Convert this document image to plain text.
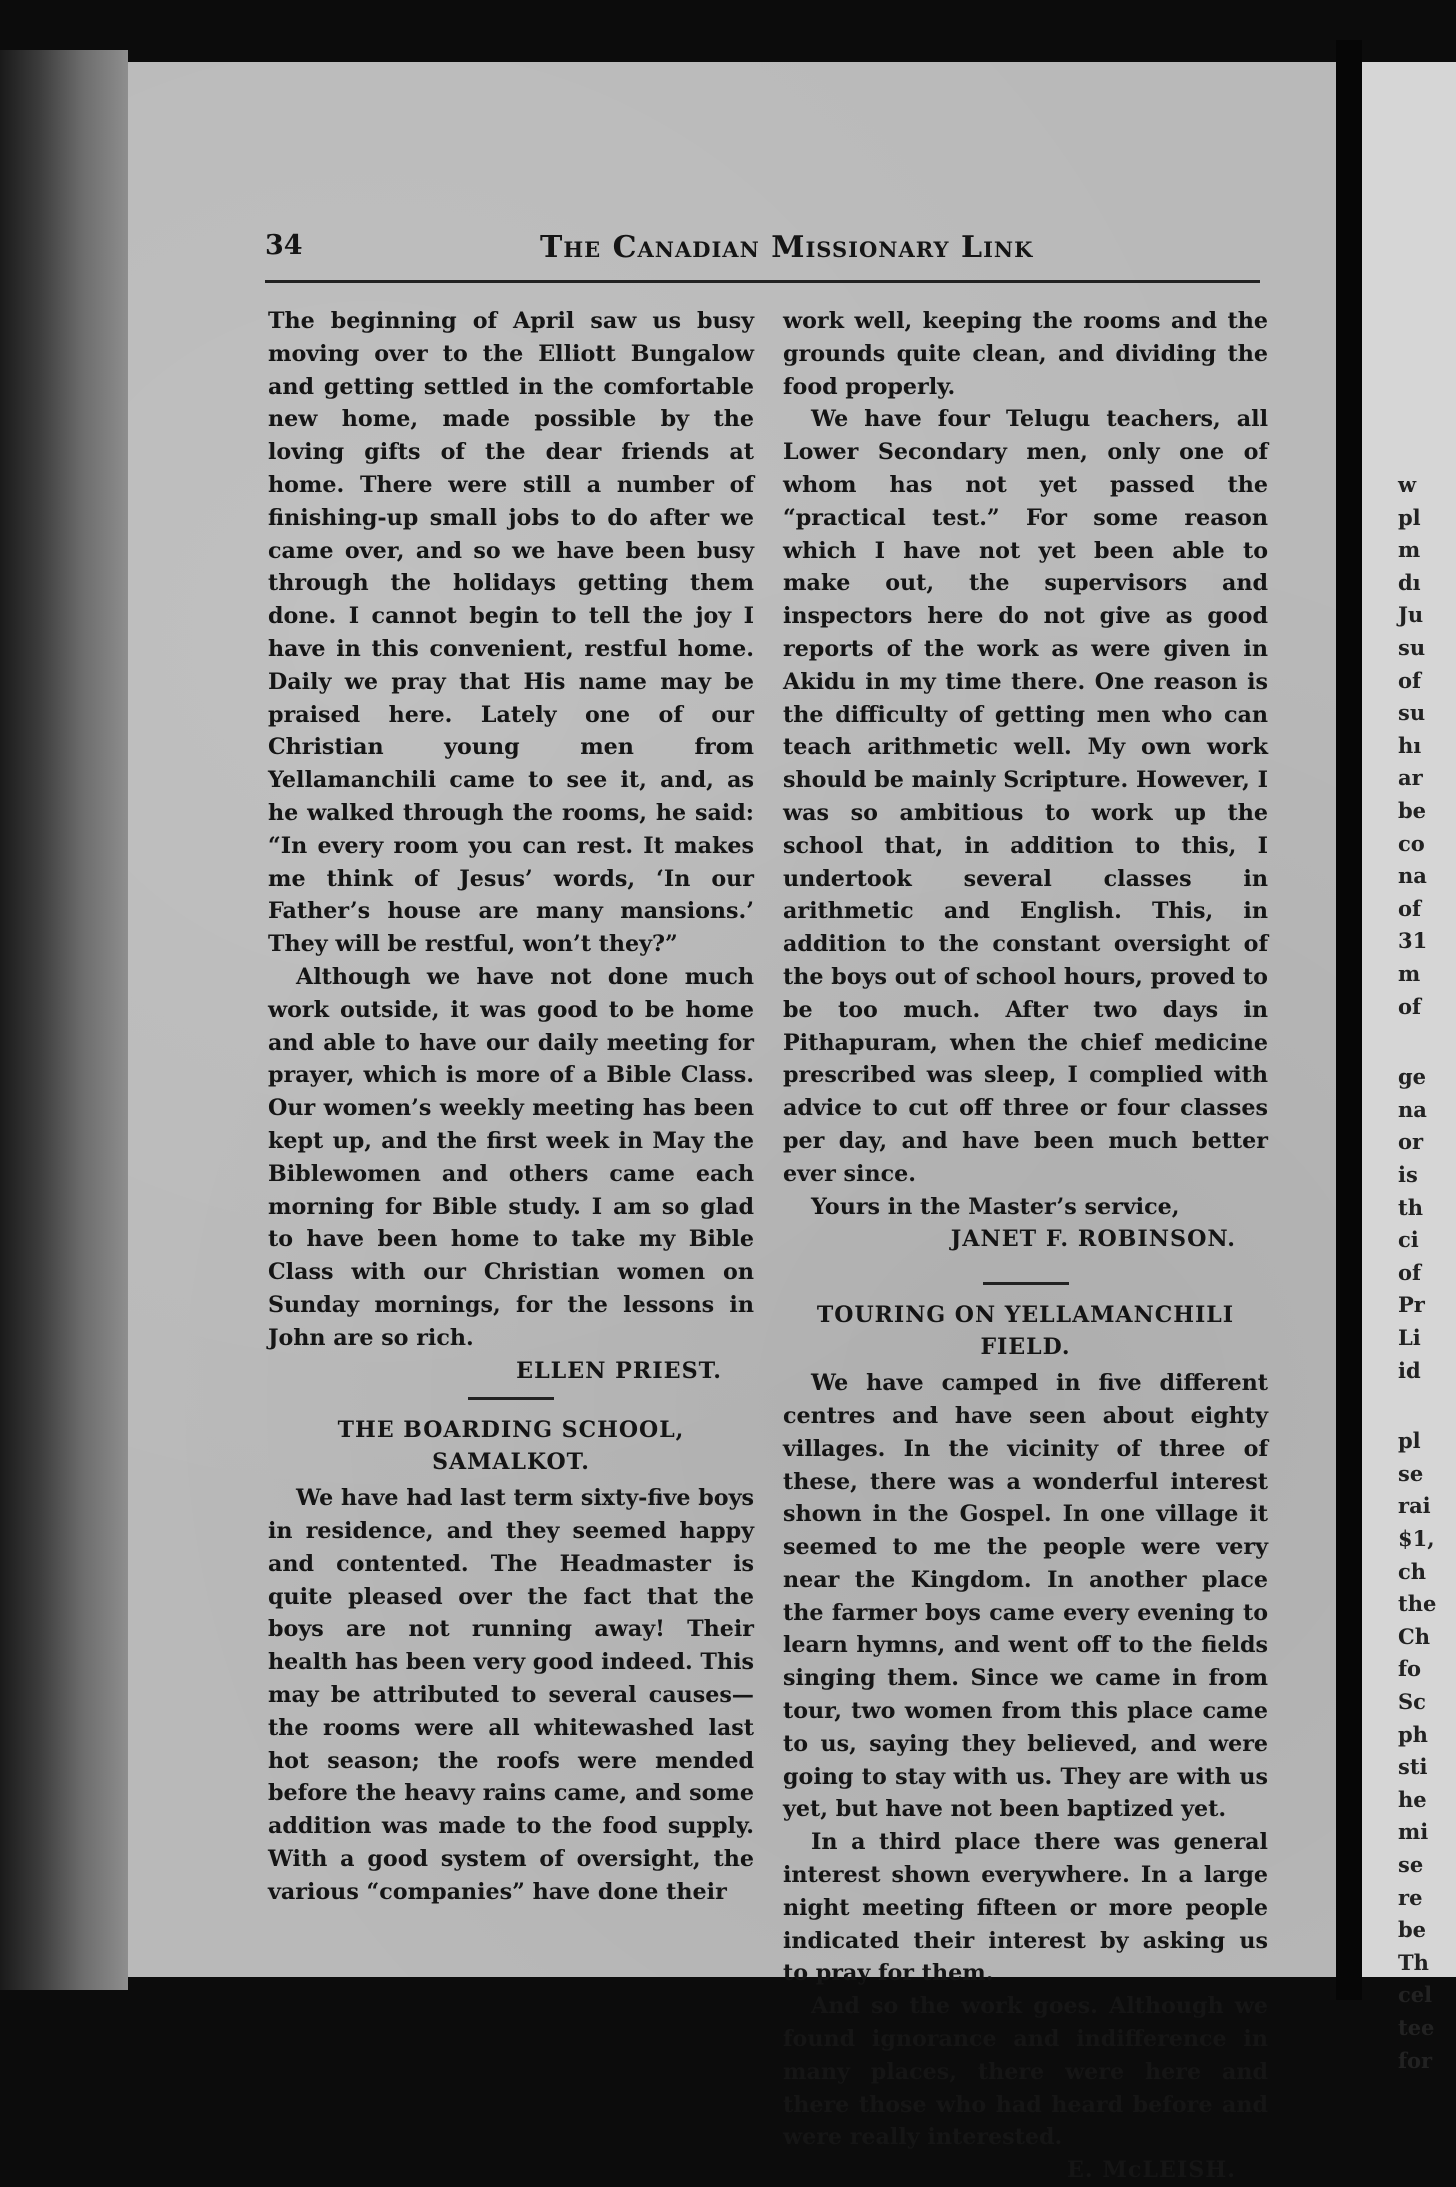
w
pl
m
dı
Ju
su
of
su
hı
ar
be
co
na
of
31
m
of
ge
na
or
is
th
ci
of
Pr
Li
id
pl
se
rai
$1,
ch
the
Ch
fo
Sc
ph
sti
he
mi
se
re
be
Th
cel
tee
for
34	The Canadian Missionary Link

The beginning of April saw us busy moving over to the Elliott Bungalow and getting settled in the comfortable new home, made possible by the loving gifts of the dear friends at home. There were still a number of finishing-up small jobs to do after we came over, and so we have been busy through the holidays getting them done. I cannot begin to tell the joy I have in this convenient, restful home. Daily we pray that His name may be praised here. Lately one of our Christian young men from Yellamanchili came to see it, and, as he walked through the rooms, he said: “In every room you can rest. It makes me think of Jesus’ words, ‘In our Father’s house are many mansions.’ They will be restful, won’t they?”

Although we have not done much work outside, it was good to be home and able to have our daily meeting for prayer, which is more of a Bible Class. Our women’s weekly meeting has been kept up, and the first week in May the Biblewomen and others came each morning for Bible study. I am so glad to have been home to take my Bible Class with our Christian women on Sunday mornings, for the lessons in John are so rich.

ELLEN PRIEST.
THE BOARDING SCHOOL, SAMALKOT.

We have had last term sixty-five boys in residence, and they seemed happy and contented. The Headmaster is quite pleased over the fact that the boys are not running away! Their health has been very good indeed. This may be attributed to several causes—the rooms were all whitewashed last hot season; the roofs were mended before the heavy rains came, and some addition was made to the food supply. With a good system of oversight, the various “companies” have done their

work well, keeping the rooms and the grounds quite clean, and dividing the food properly.

We have four Telugu teachers, all Lower Secondary men, only one of whom has not yet passed the “practical test.” For some reason which I have not yet been able to make out, the supervisors and inspectors here do not give as good reports of the work as were given in Akidu in my time there. One reason is the difficulty of getting men who can teach arithmetic well. My own work should be mainly Scripture. However, I was so ambitious to work up the school that, in addition to this, I undertook several classes in arithmetic and English. This, in addition to the constant oversight of the boys out of school hours, proved to be too much. After two days in Pithapuram, when the chief medicine prescribed was sleep, I complied with advice to cut off three or four classes per day, and have been much better ever since.

Yours in the Master’s service,
JANET F. ROBINSON.
TOURING ON YELLAMANCHILI FIELD.

We have camped in five different centres and have seen about eighty villages. In the vicinity of three of these, there was a wonderful interest shown in the Gospel. In one village it seemed to me the people were very near the Kingdom. In another place the farmer boys came every evening to learn hymns, and went off to the fields singing them. Since we came in from tour, two women from this place came to us, saying they believed, and were going to stay with us. They are with us yet, but have not been baptized yet.

In a third place there was general interest shown everywhere. In a large night meeting fifteen or more people indicated their interest by asking us to pray for them.

And so the work goes. Although we found ignorance and indifference in many places, there were here and there those who had heard before and were really interested.

E. McLEISH.
